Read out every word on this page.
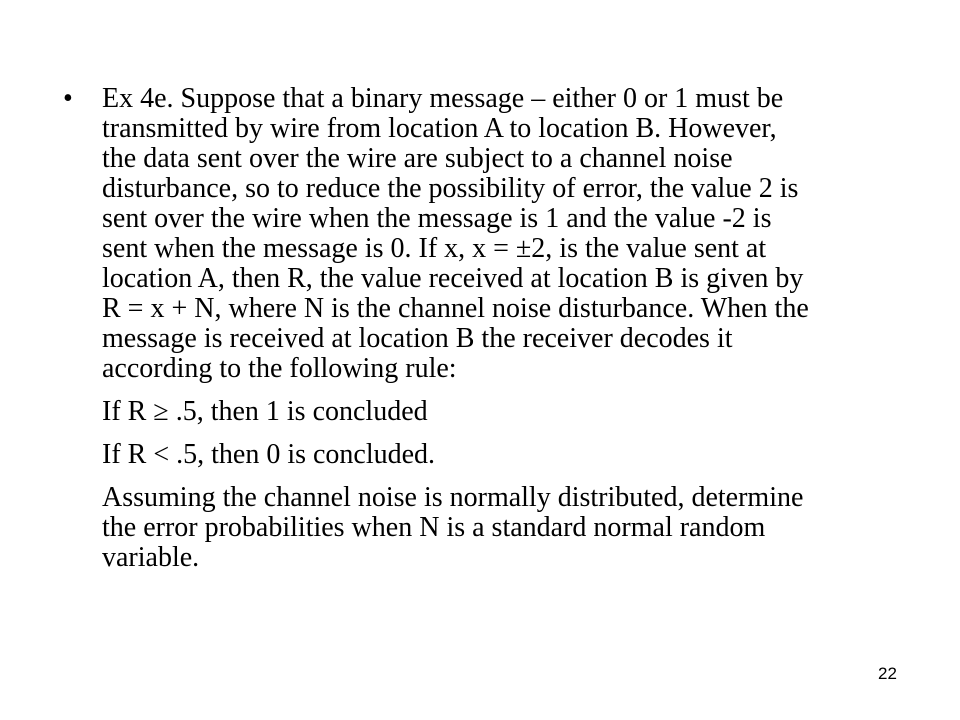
• Ex 4e. Suppose that a binary message – either 0 or 1 must be
transmitted by wire from location A to location B. However,
the data sent over the wire are subject to a channel noise
disturbance, so to reduce the possibility of error, the value 2 is
sent over the wire when the message is 1 and the value -2 is
sent when the message is 0. If x, x = ±2, is the value sent at
location A, then R, the value received at location B is given by
R = x + N, where N is the channel noise disturbance. When the
message is received at location B the receiver decodes it
according to the following rule:
If R ≥ .5, then 1 is concluded
If R < .5, then 0 is concluded.
Assuming the channel noise is normally distributed, determine
the error probabilities when N is a standard normal random
variable.
22
